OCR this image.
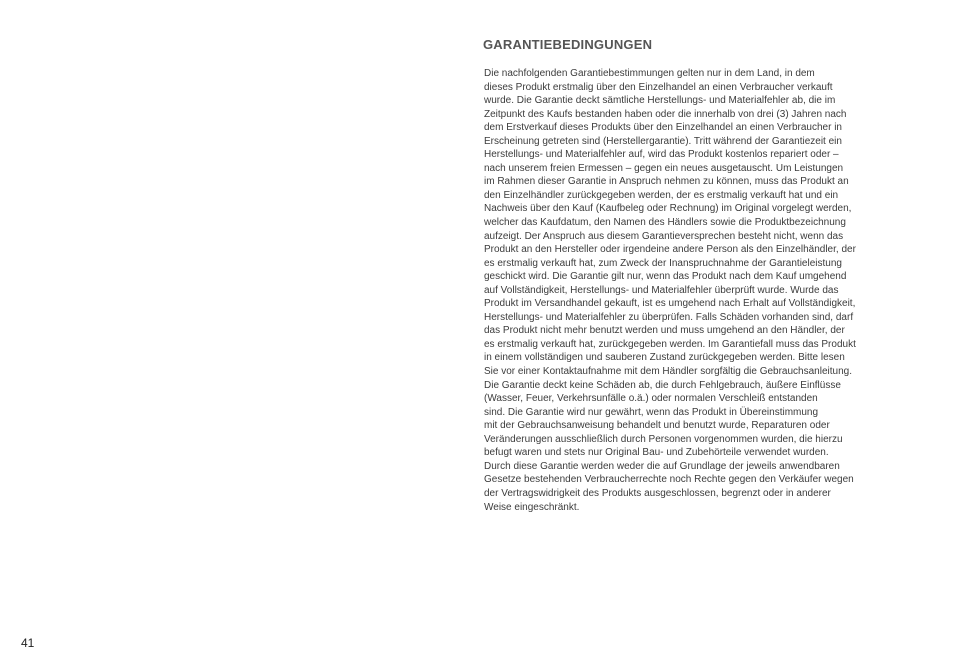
GARANTIEBEDINGUNGEN
Die nachfolgenden Garantiebestimmungen gelten nur in dem Land, in dem
dieses Produkt erstmalig über den Einzelhandel an einen Verbraucher verkauft
wurde. Die Garantie deckt sämtliche Herstellungs- und Materialfehler ab, die im
Zeitpunkt des Kaufs bestanden haben oder die innerhalb von drei (3) Jahren nach
dem Erstverkauf dieses Produkts über den Einzelhandel an einen Verbraucher in
Erscheinung getreten sind (Herstellergarantie). Tritt während der Garantiezeit ein
Herstellungs- und Materialfehler auf, wird das Produkt kostenlos repariert oder –
nach unserem freien Ermessen – gegen ein neues ausgetauscht. Um Leistungen
im Rahmen dieser Garantie in Anspruch nehmen zu können, muss das Produkt an
den Einzelhändler zurückgegeben werden, der es erstmalig verkauft hat und ein
Nachweis über den Kauf (Kaufbeleg oder Rechnung) im Original vorgelegt werden,
welcher das Kaufdatum, den Namen des Händlers sowie die Produktbezeichnung
aufzeigt. Der Anspruch aus diesem Garantieversprechen besteht nicht, wenn das
Produkt an den Hersteller oder irgendeine andere Person als den Einzelhändler, der
es erstmalig verkauft hat, zum Zweck der Inanspruchnahme der Garantieleistung
geschickt wird. Die Garantie gilt nur, wenn das Produkt nach dem Kauf umgehend
auf Vollständigkeit, Herstellungs- und Materialfehler überprüft wurde. Wurde das
Produkt im Versandhandel gekauft, ist es umgehend nach Erhalt auf Vollständigkeit,
Herstellungs- und Materialfehler zu überprüfen. Falls Schäden vorhanden sind, darf
das Produkt nicht mehr benutzt werden und muss umgehend an den Händler, der
es erstmalig verkauft hat, zurückgegeben werden. Im Garantiefall muss das Produkt
in einem vollständigen und sauberen Zustand zurückgegeben werden. Bitte lesen
Sie vor einer Kontaktaufnahme mit dem Händler sorgfältig die Gebrauchsanleitung.
Die Garantie deckt keine Schäden ab, die durch Fehlgebrauch, äußere Einflüsse
(Wasser, Feuer, Verkehrsunfälle o.ä.) oder normalen Verschleiß entstanden
sind. Die Garantie wird nur gewährt, wenn das Produkt in Übereinstimmung
mit der Gebrauchsanweisung behandelt und benutzt wurde, Reparaturen oder
Veränderungen ausschließlich durch Personen vorgenommen wurden, die hierzu
befugt waren und stets nur Original Bau- und Zubehörteile verwendet wurden.
Durch diese Garantie werden weder die auf Grundlage der jeweils anwendbaren
Gesetze bestehenden Verbraucherrechte noch Rechte gegen den Verkäufer wegen
der Vertragswidrigkeit des Produkts ausgeschlossen, begrenzt oder in anderer
Weise eingeschränkt.
41
